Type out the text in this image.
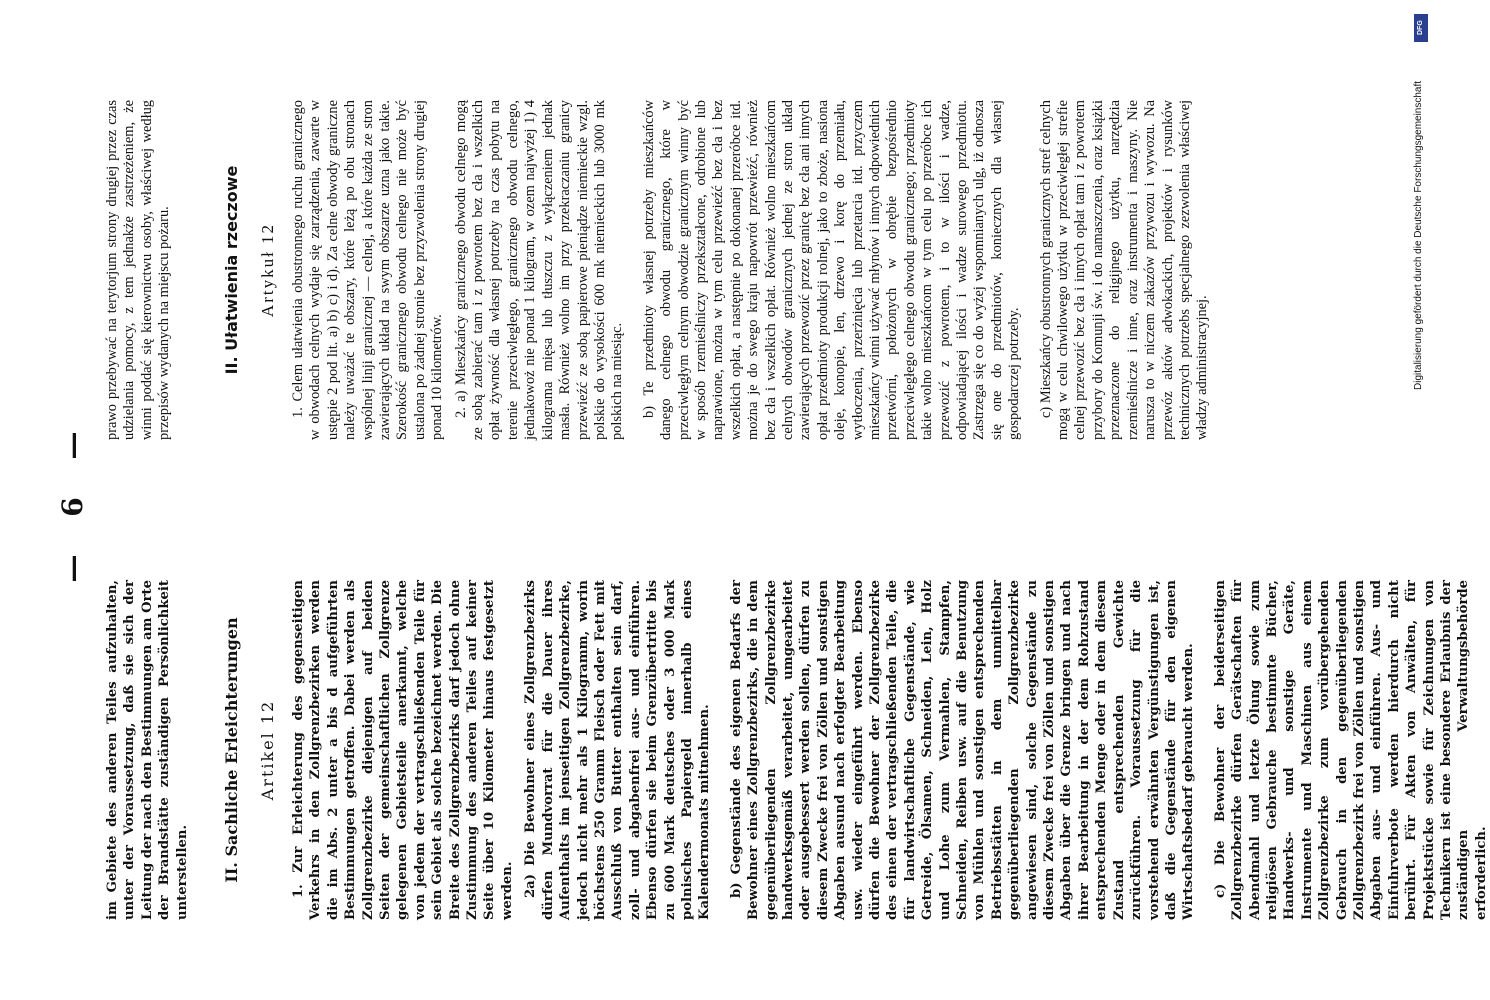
— 6 —

im Gebiete des anderen Teiles aufzuhalten, unter der Voraussetzung, daß sie sich der Leitung der nach den Bestimmungen am Orte der Brandstätte zuständigen Persönlichkeit unterstellen. II. Sachliche Erleichterungen Artikel 12 1. Zur Erleichterung des gegenseitigen Verkehrs in den Zollgrenzbezirken werden die im Abs. 2 unter a bis d aufgeführten Bestimmungen getroffen. Dabei werden als Zollgrenzbezirke diejenigen auf beiden Seiten der gemeinschaftlichen Zollgrenze gelegenen Gebietsteile anerkannt, welche von jedem der vertragschließenden Teile für sein Gebiet als solche bezeichnet werden. Die Breite des Zollgrenzbezirks darf jedoch ohne Zustimmung des anderen Teiles auf keiner Seite über 10 Kilometer hinaus festgesetzt werden. 2a) Die Bewohner eines Zollgrenzbezirks dürfen Mundvorrat für die Dauer ihres Aufenthalts im jenseitigen Zollgrenzbezirke, jedoch nicht mehr als 1 Kilogramm, worin höchstens 250 Gramm Fleisch oder Fett mit Ausschluß von Butter enthalten sein darf, zoll- und abgabenfrei aus- und einführen. Ebenso dürfen sie beim Grenzübertritte bis zu 600 Mark deutsches oder 3 000 Mark polnisches Papiergeld innerhalb eines Kalendermonats mitnehmen. b) Gegenstände des eigenen Bedarfs der Bewohner eines Zollgrenzbezirks, die in dem gegenüberliegenden Zollgrenzbezirke handwerksgemäß verarbeitet, umgearbeitet oder ausgebessert werden sollen, dürfen zu diesem Zwecke frei von Zöllen und sonstigen Abgaben ausund nach erfolgter Bearbeitung usw. wieder eingeführt werden. Ebenso dürfen die Bewohner der Zollgrenzbezirke des einen der vertragschließenden Teile, die für landwirtschaftliche Gegenstände, wie Getreide, Ölsamen, Schneiden, Lein, Holz und Lohe zum Vermahlen, Stampfen, Schneiden, Reiben usw. auf die Benutzung von Mühlen und sonstigen entsprechenden Betriebsstätten in dem unmittelbar gegenüberliegenden Zollgrenzbezirke angewiesen sind, solche Gegenstände zu diesem Zwecke frei von Zöllen und sonstigen Abgaben über die Grenze bringen und nach ihrer Bearbeitung in der dem Rohzustand entsprechenden Menge oder in dem diesem Zustand entsprechenden Gewichte zurückführen. Voraussetzung für die vorstehend erwähnten Vergünstigungen ist, daß die Gegenstände für den eigenen Wirtschaftsbedarf gebraucht werden. c) Die Bewohner der beiderseitigen Zollgrenzbezirke dürfen Gerätschaften für Abendmahl und letzte Ölung sowie zum religiösen Gebrauche bestimmte Bücher, Handwerks- und sonstige Geräte, Instrumente und Maschinen aus einem Zollgrenzbezirke zum vorübergehenden Gebrauch in den gegenüberliegenden Zollgrenzbezirk frei von Zöllen und sonstigen Abgaben aus- und einführen. Aus- und Einfuhrverbote werden hierdurch nicht berührt. Für Akten von Anwälten, für Projektstücke sowie für Zeichnungen von Technikern ist eine besondere Erlaubnis der zuständigen Verwaltungsbehörde erforderlich.

prawo przebywać na terytorjum strony drugiej przez czas udzielania pomocy, z tem jednakże zastrzeżeniem, że winni poddać się kierownictwu osoby, właściwej według przepisów wydanych na miejscu pożaru.	II. Ułatwienia rzeczowe Artykuł 12 1. Celem ułatwienia obustronnego ruchu granicznego w obwodach celnych wydaje się zarządzenia, zawarte w ustępie 2 pod lit. a) b) c) i d). Za celne obwody graniczne należy uważać te obszary, które leżą po obu stronach wspólnej linji granicznej — celnej, a które każda ze stron zawierających układ na swym obszarze uzna jako takie. Szerokość granicznego obwodu celnego nie może być ustalona po żadnej stronie bez przyzwolenia strony drugiej ponad 10 kilometrów. 2. a) Mieszkańcy granicznego obwodu celnego mogą ze sobą zabierać tam i z powrotem bez cła i wszelkich opłat żywność dla własnej potrzeby na czas pobytu na terenie przeciwległego, granicznego obwodu celnego, jednakowoż nie ponad 1 kilogram, w ozem najwyżej 1) 4 kilograma mięsa lub tłuszczu z wyłączeniem jednak masła. Również wolno im przy przekraczaniu granicy przewieźć ze sobą papierowe pieniądze niemieckie wzgl. polskie do wysokości 600 mk niemieckich lub 3000 mk polskich na miesiąc. b) Te przedmioty własnej potrzeby mieszkańców danego celnego obwodu granicznego, które w przeciwległym celnym obwodzie granicznym winny być w sposób rzemieślniczy przekształcone, odrobione lub naprawione, można w tym celu przewieźć bez cła i bez wszelkich opłat, a następnie po dokonanej przeróbce itd. można je do swego kraju napowrót przewieźć, również bez cła i wszelkich opłat. Również wolno mieszkańcom celnych obwodów granicznych jednej ze stron układ zawierających przewozić przez granicę bez cła ani innych opłat przedmioty produkcji rolnej, jako to zboże, nasiona oleje, konopie, len, drzewo i korę do przemiału, wytłoczenia, przerżnięcia lub przetarcia itd. przyczem mieszkańcy winni używać młynów i innych odpowiednich przetwórni, położonych w obrębie bezpośrednio przeciwległego celnego obwodu granicznego; przedmioty takie wolno mieszkańcom w tym celu po przeróbce ich przewozić z powrotem, i to w ilości i wadze, odpowiadającej ilości i wadze surowego przedmiotu. Zastrzega się co do wyżej wspomnianych ulg, iż odnosza się one do przedmiotów, koniecznych dla własnej gospodarczej potrzeby. c) Mieszkańcy obustronnych granicznych stref celnych mogą w celu chwilowego użytku w przeciwległej strefie celnej przewozić bez cła i innych opłat tam i z powrotem przybory do Komunji św. i do namaszczenia, oraz książki przeznaczone do religijnego użytku, narzędzia rzemieślnicze i inne, oraz instrumenta i maszyny. Nie narusza to w niczem zakazów przywozu i wywozu. Na przewóz aktów adwokackich, projektów i rysunków technicznych potrzebs specjalnego zezwolenia właściwej władzy administracyjnej.	Digitalisierung gefördert durch die Deutsche Forschungsgemeinschaft
DFG
